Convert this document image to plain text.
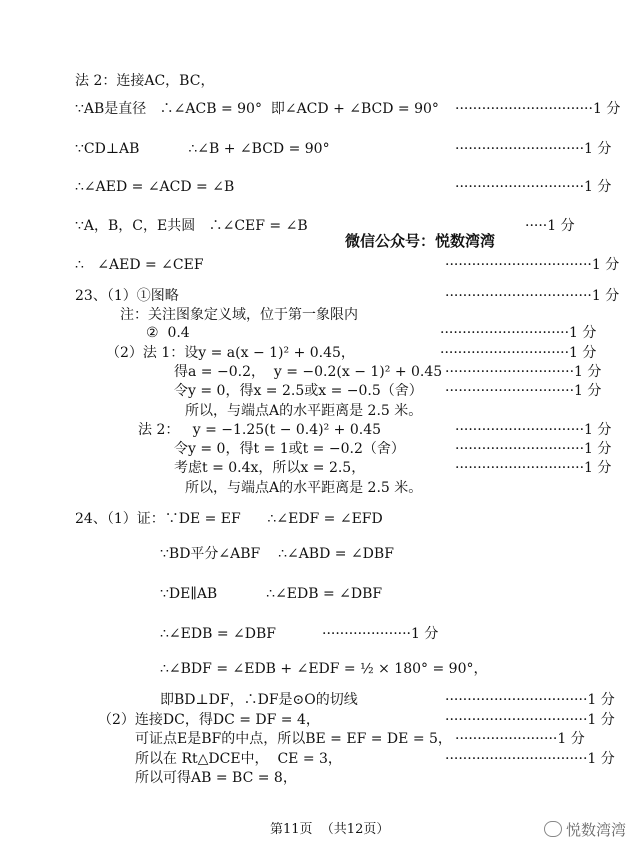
法 2：连接AC，BC，
∵AB是直径   ∴∠ACB = 90°  即∠ACD + ∠BCD = 90° ·······························1 分
∵CD⊥AB           ∴∠B + ∠BCD = 90°	·····························1 分
∴∠AED = ∠ACD = ∠B	·····························1 分
∵A，B，C，E共圆   ∴∠CEF = ∠B	·····1 分
微信公众号：悦数湾湾
∴   ∠AED = ∠CEF	·································1 分
23、（1）①图略	·································1 分
注：关注图象定义域，位于第一象限内
②  0.4	·····························1 分
（2）法 1：设y = a(x − 1)² + 0.45，	·····························1 分
得a = −0.2，  y = −0.2(x − 1)² + 0.45 ·····························1 分
令y = 0，得x = 2.5或x = −0.5（舍） ·····························1 分
所以，与端点A的水平距离是 2.5 米。
法 2：   y = −1.25(t − 0.4)² + 0.45	·····························1 分
令y = 0，得t = 1或t = −0.2（舍）	·····························1 分
考虑t = 0.4x，所以x = 2.5，	·····························1 分
所以，与端点A的水平距离是 2.5 米。
24、（1）证：∵DE = EF      ∴∠EDF = ∠EFD
∵BD平分∠ABF    ∴∠ABD = ∠DBF
∵DE∥AB           ∴∠EDB = ∠DBF
∴∠EDB = ∠DBF	····················1 分
∴∠BDF = ∠EDB + ∠EDF = ½ × 180° = 90°，
即BD⊥DF，∴DF是⊙O的切线	································1 分
（2）连接DC，得DC = DF = 4，	································1 分
可证点E是BF的中点，所以BE = EF = DE = 5， ·······················1 分
所以在 Rt△DCE中，  CE = 3，	································1 分
所以可得AB = BC = 8，
第11页  （共12页）	悦数湾湾
